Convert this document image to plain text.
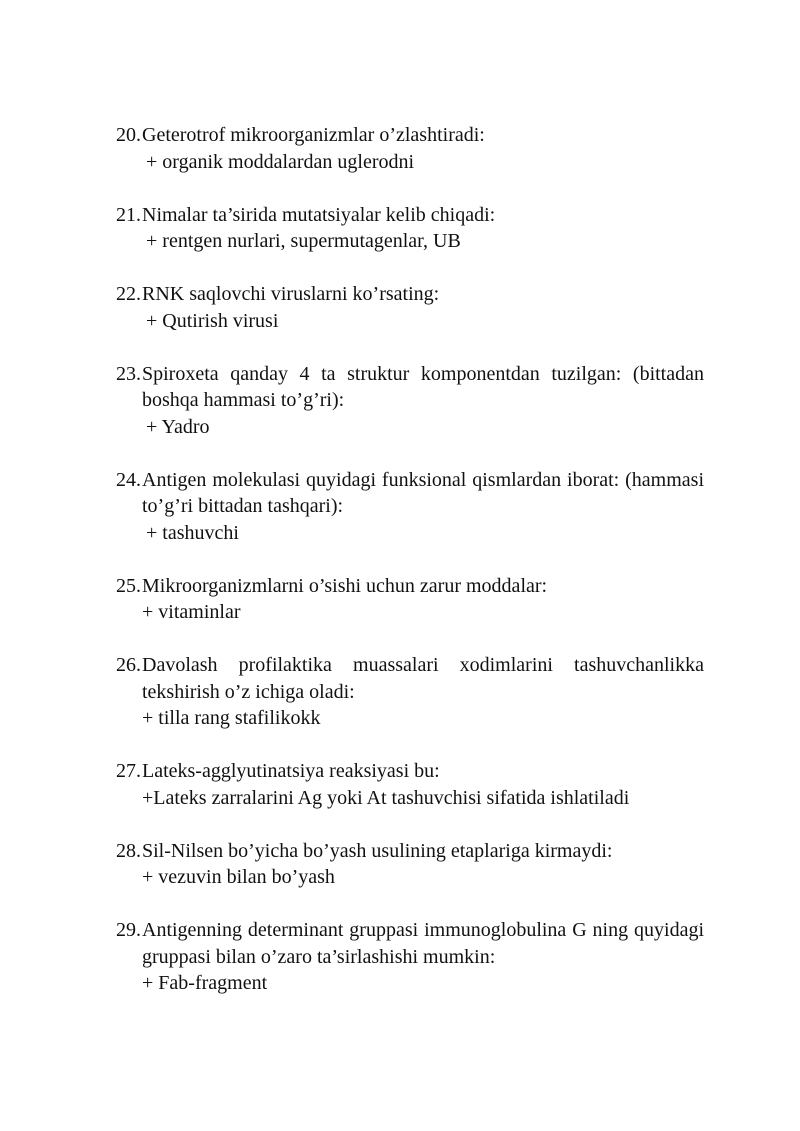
20. Geterotrof mikroorganizmlar o’zlashtiradi:
+ organik moddalardan uglerodni
21. Nimalar ta’sirida mutatsiyalar kelib chiqadi:
+ rentgen nurlari, supermutagenlar, UB
22. RNK saqlovchi viruslarni ko’rsating:
+ Qutirish virusi
23. Spiroxeta qanday 4 ta struktur komponentdan tuzilgan: (bittadan boshqa hammasi to’g’ri):
+ Yadro
24. Antigen molekulasi quyidagi funksional qismlardan iborat: (hammasi to’g’ri bittadan tashqari):
+ tashuvchi
25. Mikroorganizmlarni o’sishi uchun zarur moddalar:
+ vitaminlar
26. Davolash profilaktika muassalari xodimlarini tashuvchanlikka tekshirish o’z ichiga oladi:
+ tilla rang stafilikokk
27. Lateks-agglyutinatsiya reaksiyasi bu:
+Lateks zarralarini Ag yoki At tashuvchisi sifatida ishlatiladi
28. Sil-Nilsen bo’yicha bo’yash usulining etaplariga kirmaydi:
+ vezuvin bilan bo’yash
29. Antigenning determinant gruppasi immunoglobulina G ning quyidagi gruppasi bilan o’zaro ta’sirlashishi mumkin:
+ Fab-fragment
